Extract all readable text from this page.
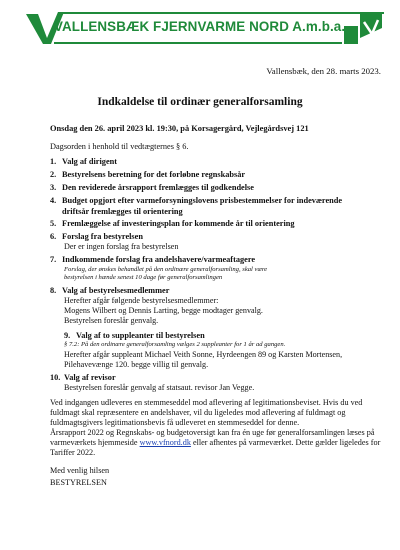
VALLENSBÆK FJERNVARME NORD A.m.b.a.
Vallensbæk, den 28. marts 2023.
Indkaldelse til ordinær generalforsamling
Onsdag den 26. april 2023 kl. 19:30, på Korsagergård, Vejlegårdsvej 121
Dagsorden i henhold til vedtægternes § 6.
1. Valg af dirigent
2. Bestyrelsens beretning for det forløbne regnskabsår
3. Den reviderede årsrapport fremlægges til godkendelse
4. Budget opgjort efter varmeforsyningslovens prisbestemmelser for indeværende
driftsår fremlægges til orientering
5. Fremlæggelse af investeringsplan for kommende år til orientering
6. Forslag fra bestyrelsen
Der er ingen forslag fra bestyrelsen
7. Indkommende forslag fra andelshavere/varmeaftagere
Forslag, der ønskes behandlet på den ordinære generalforsamling, skal være
bestyrelsen i hænde senest 10 dage før generalforsamlingen
8. Valg af bestyrelsesmedlemmer
Herefter afgår følgende bestyrelsesmedlemmer:
Mogens Wilbert og Dennis Larting, begge modtager genvalg.
Bestyrelsen foreslår genvalg.
9. Valg af to suppleanter til bestyrelsen
§ 7.2: På den ordinære generalforsamling vælges 2 suppleanter for 1 år ad gangen.
Herefter afgår suppleant Michael Veith Sonne, Hyrdeengen 89 og Karsten Mortensen,
Pilehavevænge 120. begge villig til genvalg.
10. Valg af revisor
Bestyrelsen foreslår genvalg af statsaut. revisor Jan Vegge.
Ved indgangen udleveres en stemmeseddel mod aflevering af legitimationsbeviset. Hvis du ved
fuldmagt skal repræsentere en andelshaver, vil du ligeledes mod aflevering af fuldmagt og
fuldmagtsgivers legitimationsbevis få udleveret en stemmeseddel for denne.
Årsrapport 2022 og Regnskabs- og budgetoversigt kan fra én uge før generalforsamlingen læses på
varmeværkets hjemmeside www.vfnord.dk eller afhentes på varmeværket. Dette gælder ligeledes for
Tariffer 2022.
Med venlig hilsen
BESTYRELSEN
